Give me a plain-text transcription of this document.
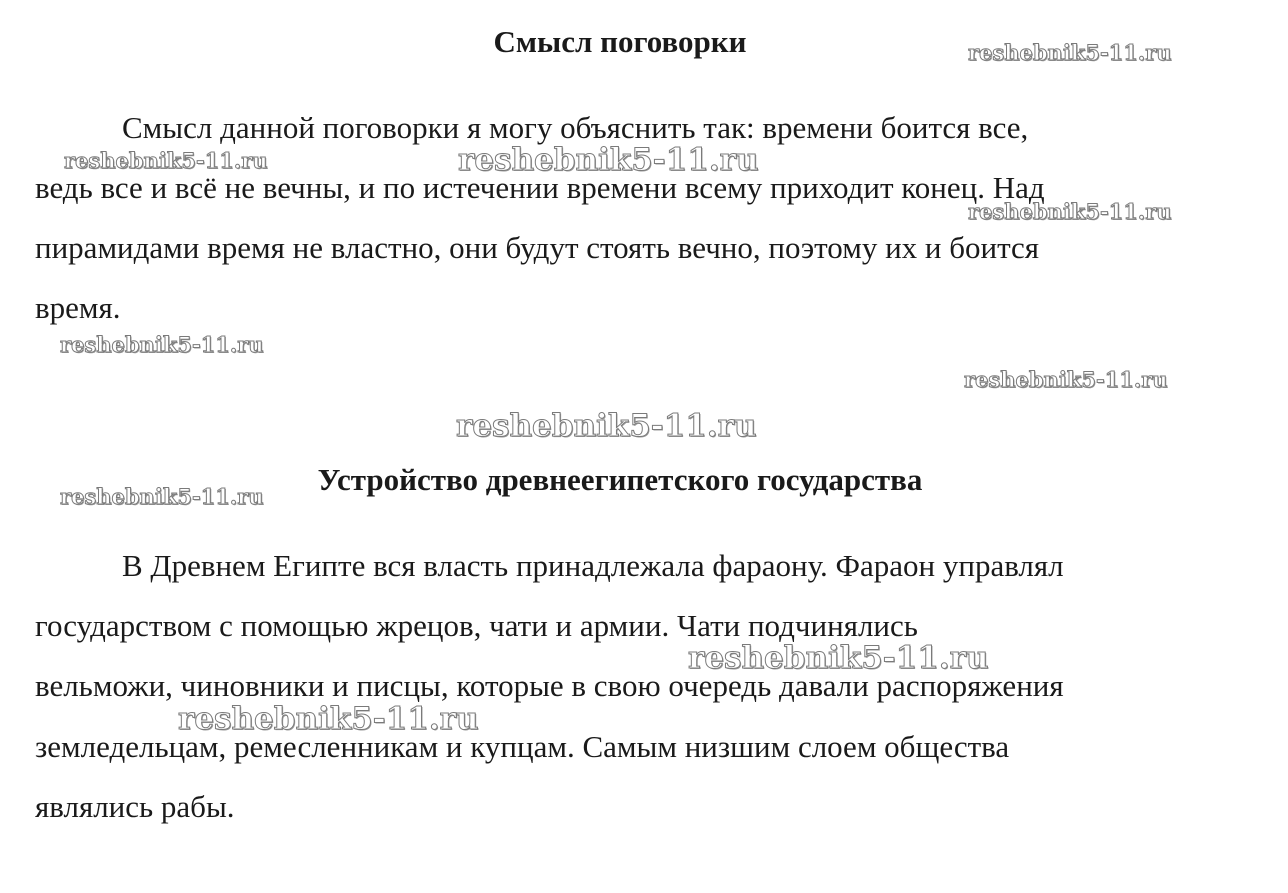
Смысл поговорки

Смысл данной поговорки я могу объяснить так: времени боится все,

ведь все и всё не вечны, и по истечении времени всему приходит конец. Над

пирамидами время не властно, они будут стоять вечно, поэтому их и боится

время.

Устройство древнеегипетского государства

В Древнем Египте вся власть принадлежала фараону. Фараон управлял

государством с помощью жрецов, чати и армии. Чати подчинялись

вельможи, чиновники и писцы, которые в свою очередь давали распоряжения

земледельцам, ремесленникам и купцам. Самым низшим слоем общества

являлись рабы.

reshebnik5-11.ru
reshebnik5-11.ru	reshebnik5-11.ru
reshebnik5-11.ru
reshebnik5-11.ru
reshebnik5-11.ru
reshebnik5-11.ru
reshebnik5-11.ru
reshebnik5-11.ru
reshebnik5-11.ru
